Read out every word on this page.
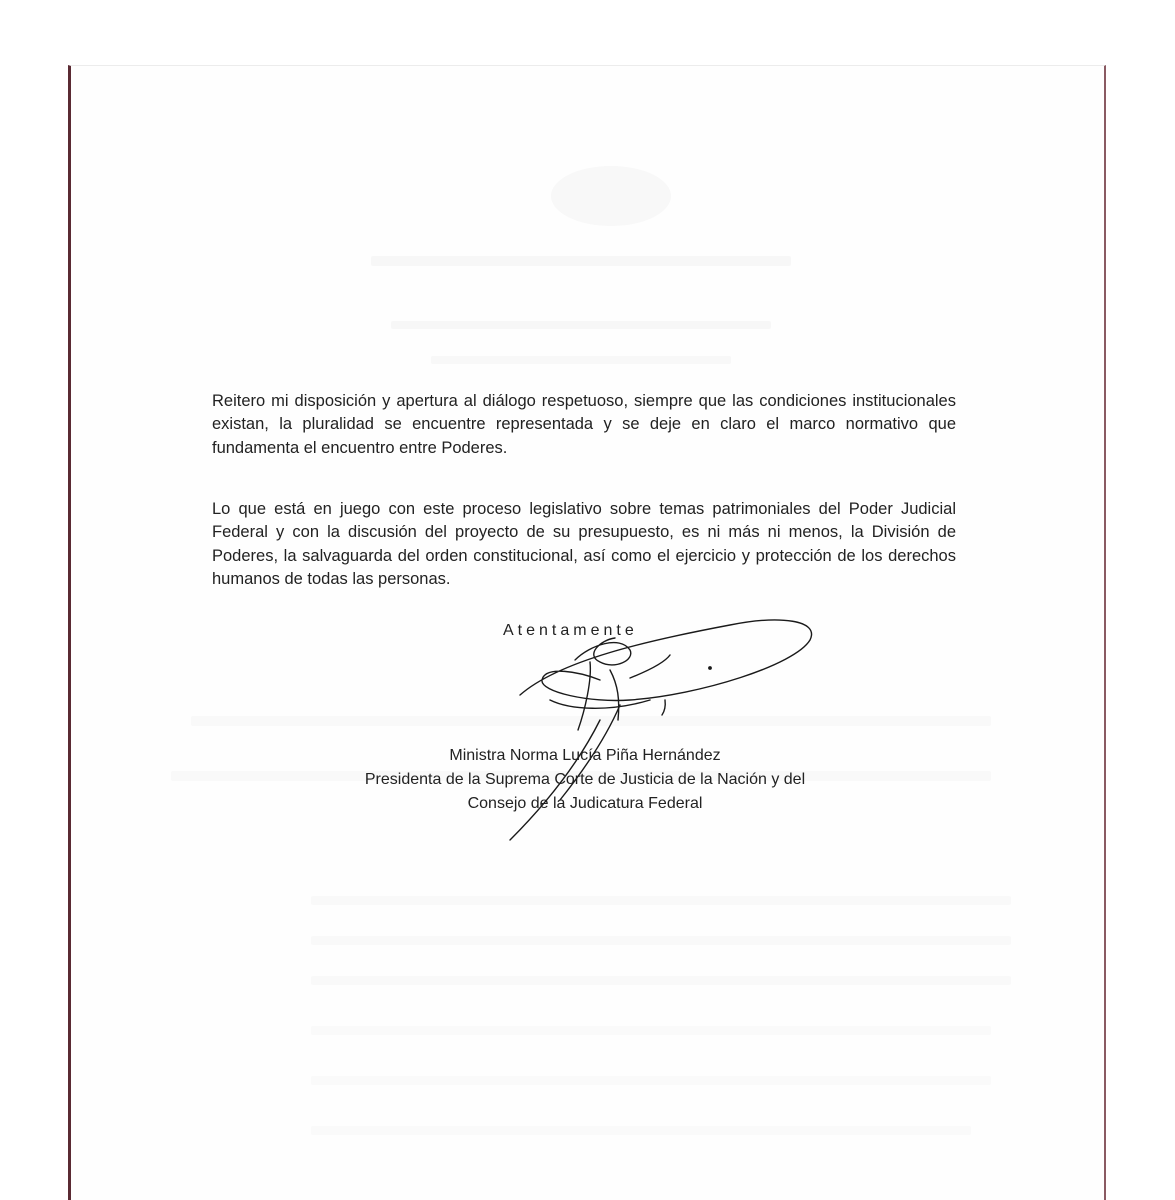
Reitero mi disposición y apertura al diálogo respetuoso, siempre que las condiciones institucionales existan, la pluralidad se encuentre representada y se deje en claro el marco normativo que fundamenta el encuentro entre Poderes.

Lo que está en juego con este proceso legislativo sobre temas patrimoniales del Poder Judicial Federal y con la discusión del proyecto de su presupuesto, es ni más ni menos, la División de Poderes, la salvaguarda del orden constitucional, así como el ejercicio y protección de los derechos humanos de todas las personas.

Atentamente
Ministra Norma Lucía Piña Hernández
Presidenta de la Suprema Corte de Justicia de la Nación y del
Consejo de la Judicatura Federal
